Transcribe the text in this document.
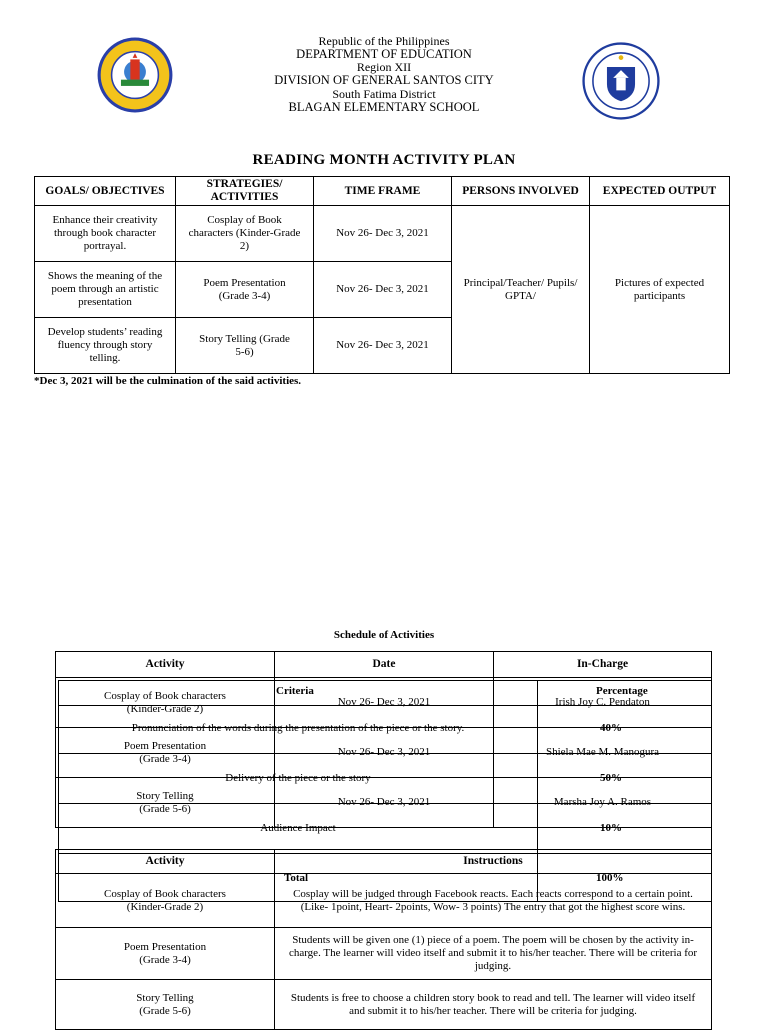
Republic of the Philippines
DEPARTMENT OF EDUCATION
Region XII
DIVISION OF GENERAL SANTOS CITY
South Fatima District
BLAGAN ELEMENTARY SCHOOL
READING MONTH ACTIVITY PLAN
GOALS/ OBJECTIVES	STRATEGIES/ ACTIVITIES	TIME FRAME	PERSONS INVOLVED	EXPECTED OUTPUT
Enhance their creativity through book character portrayal.	Cosplay of Book characters (Kinder-Grade 2)	Nov 26- Dec 3, 2021	Principal/Teacher/ Pupils/ GPTA/	Pictures of expected participants
Shows the meaning of the poem through an artistic presentation	Poem Presentation (Grade 3-4)	Nov 26- Dec 3, 2021		
Develop students’ reading fluency through story telling.	Story Telling (Grade 5-6)	Nov 26- Dec 3, 2021		
*Dec 3, 2021 will be the culmination of the said activities.
Schedule of Activities
Activity	Date	In-Charge
Cosplay of Book characters
(Kinder-Grade 2)	Nov 26- Dec 3, 2021	Irish Joy C. Pendaton
Poem Presentation
(Grade 3-4)	Nov 26- Dec 3, 2021	Shiela Mae M. Manogura
Story Telling
(Grade 5-6)	Nov 26- Dec 3, 2021	Marsha Joy A. Ramos
Criteria	Percentage
Pronunciation of the words during the presentation of the piece or the story.	40%
Delivery of the piece or the story	50%
Audience Impact	10%
Total	100%
Activity	Instructions
Cosplay of Book characters
(Kinder-Grade 2)	Cosplay will be judged through Facebook reacts. Each reacts correspond to a certain point. (Like- 1point, Heart- 2points, Wow- 3 points) The entry that got the highest score wins.
Poem Presentation
(Grade 3-4)	Students will be given one (1) piece of a poem. The poem will be chosen by the activity in-charge. The learner will video itself and submit it to his/her teacher. There will be criteria for judging.
Story Telling
(Grade 5-6)	Students is free to choose a children story book to read and tell. The learner will video itself and submit it to his/her teacher. There will be criteria for judging.
